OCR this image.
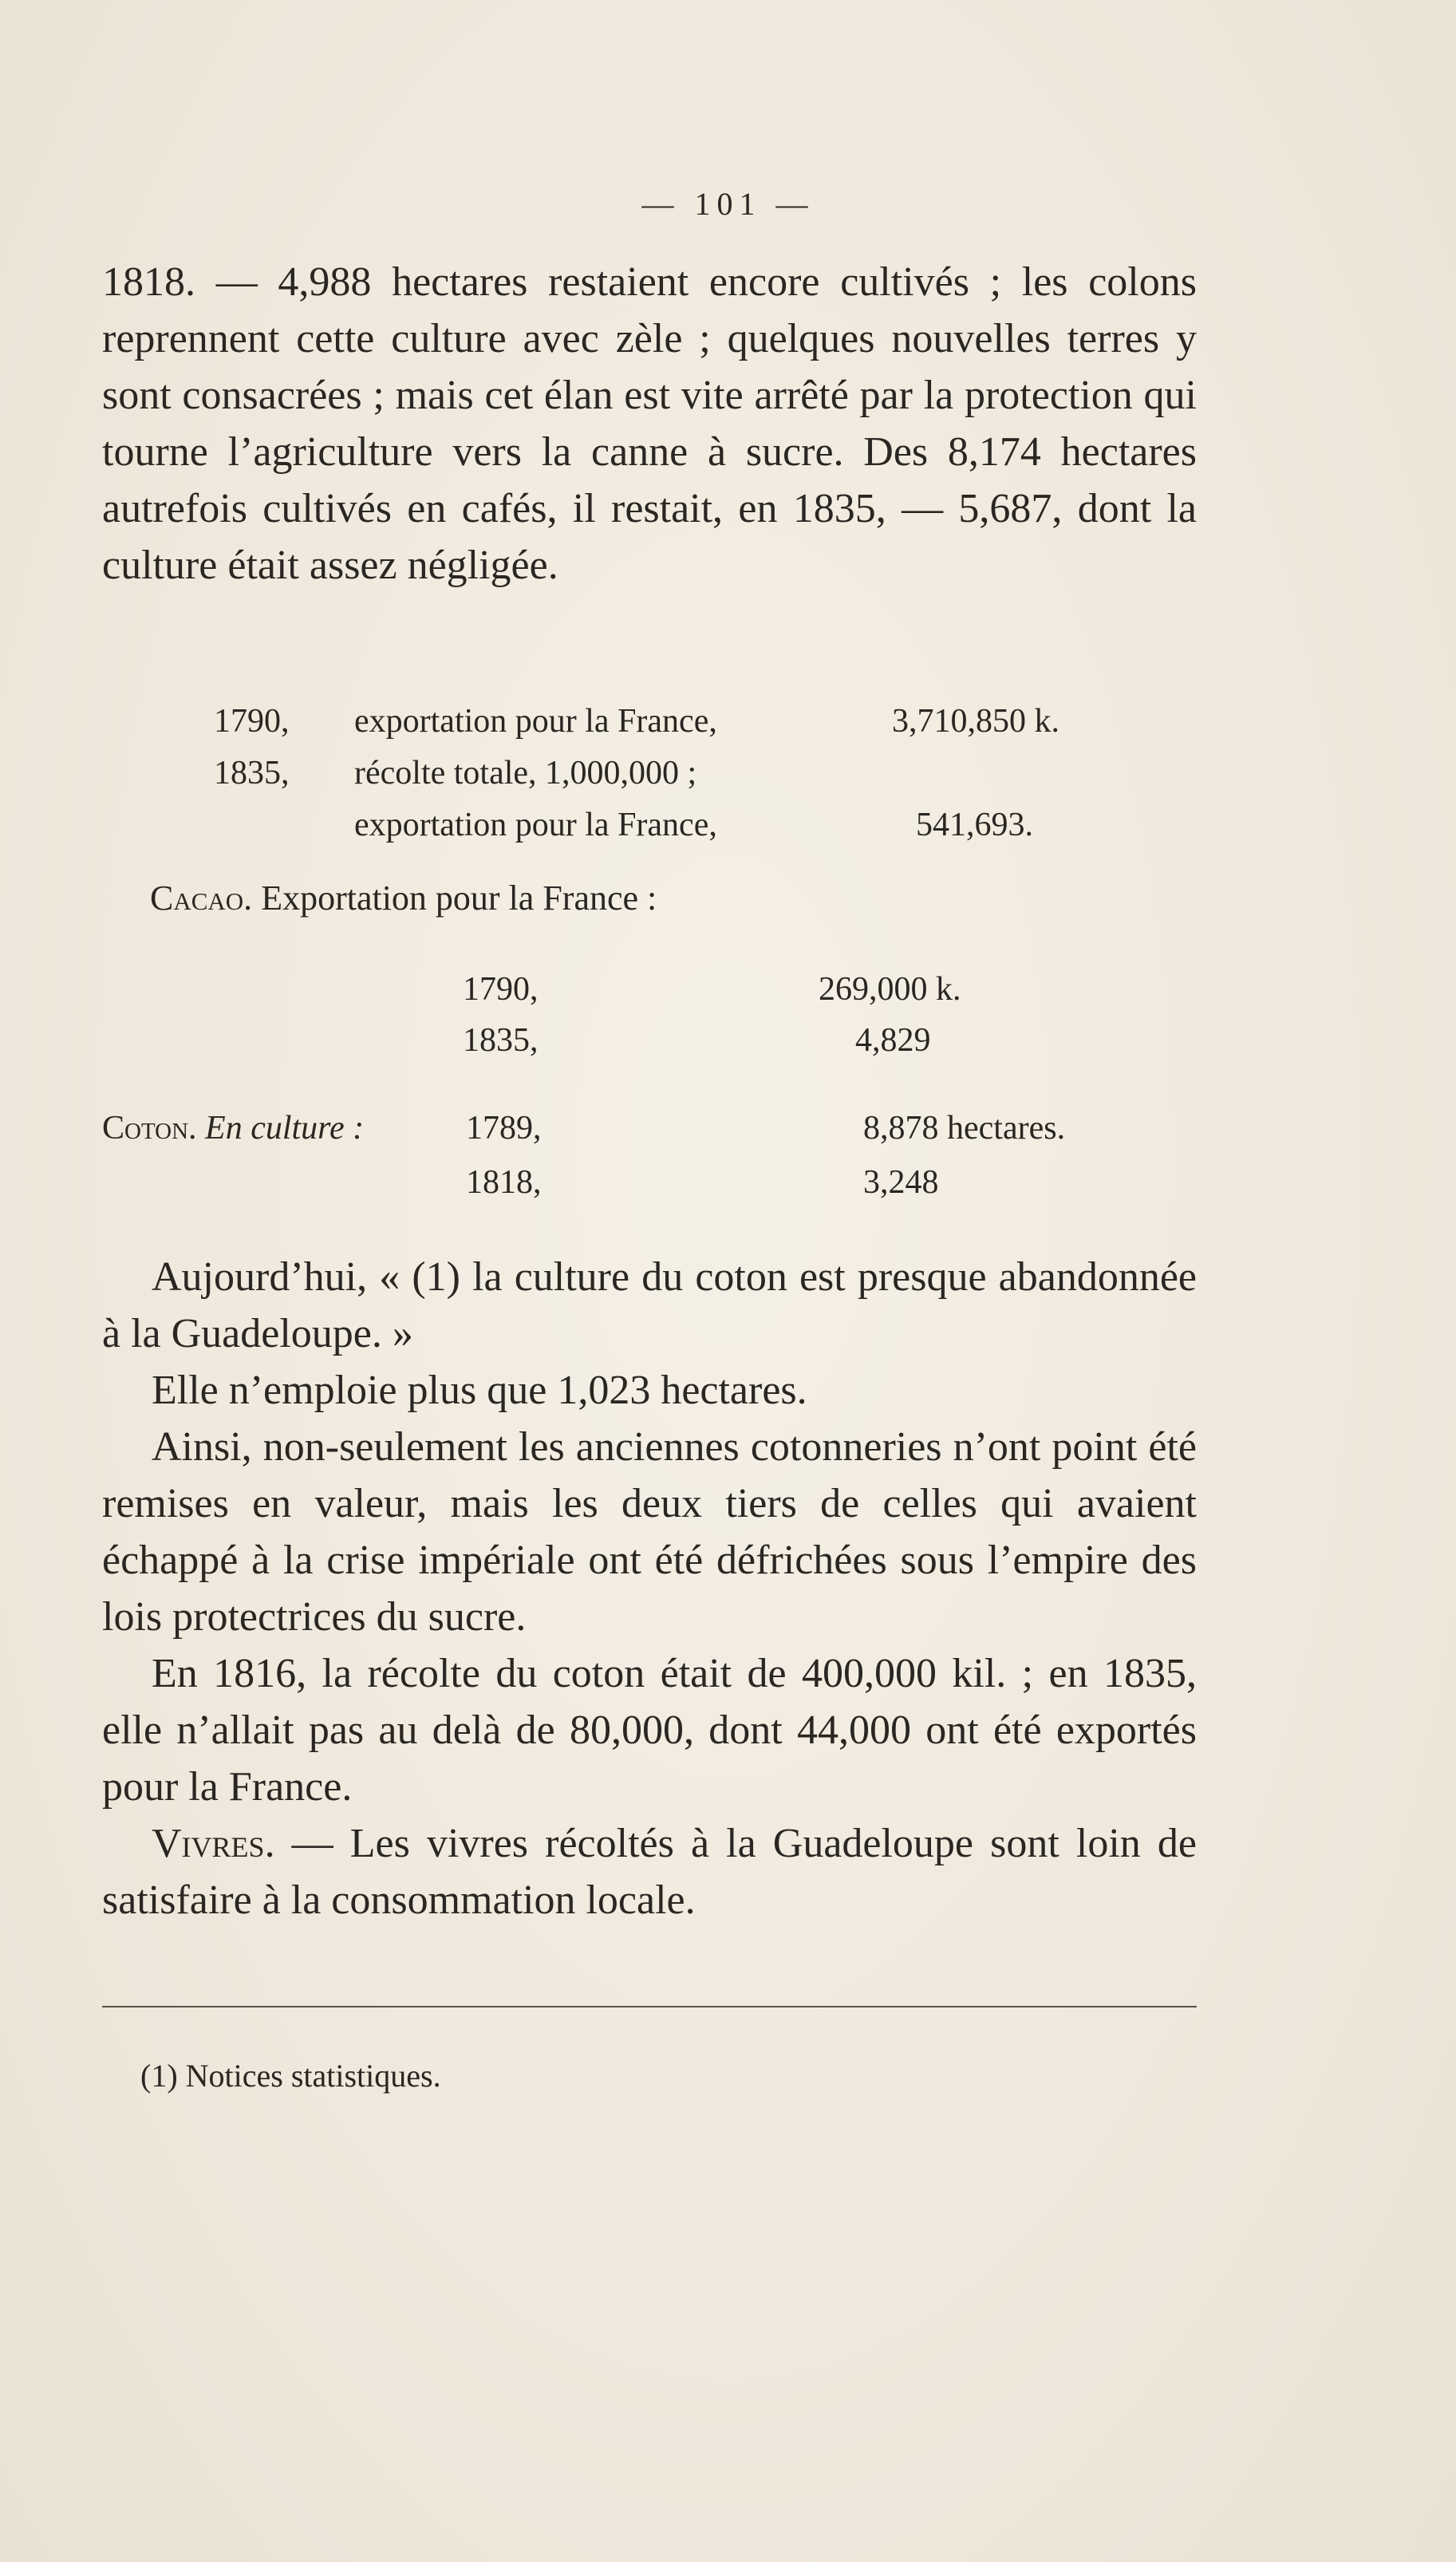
— 101 —

1818. — 4,988 hectares restaient encore cultivés ; les colons reprennent cette culture avec zèle ; quelques nouvelles terres y sont consacrées ; mais cet élan est vite arrêté par la protection qui tourne l’agriculture vers la canne à sucre. Des 8,174 hectares autrefois cultivés en cafés, il restait, en 1835, — 5,687, dont la culture était assez négligée.

1790, exportation pour la France,	3,710,850 k.
1835, récolte totale, 1,000,000 ;
exportation pour la France,	541,693.
Cacao. Exportation pour la France :
1790,	269,000 k.
1835,	4,829
Coton. En culture :	1789,	8,878 hectares.
1818,	3,248

Aujourd’hui, « (1) la culture du coton est presque abandonnée à la Guadeloupe. »

Elle n’emploie plus que 1,023 hectares.

Ainsi, non-seulement les anciennes cotonneries n’ont point été remises en valeur, mais les deux tiers de celles qui avaient échappé à la crise impériale ont été défrichées sous l’empire des lois protectrices du sucre.

En 1816, la récolte du coton était de 400,000 kil. ; en 1835, elle n’allait pas au delà de 80,000, dont 44,000 ont été exportés pour la France.

Vivres. — Les vivres récoltés à la Guadeloupe sont loin de satisfaire à la consommation locale.

(1) Notices statistiques.
